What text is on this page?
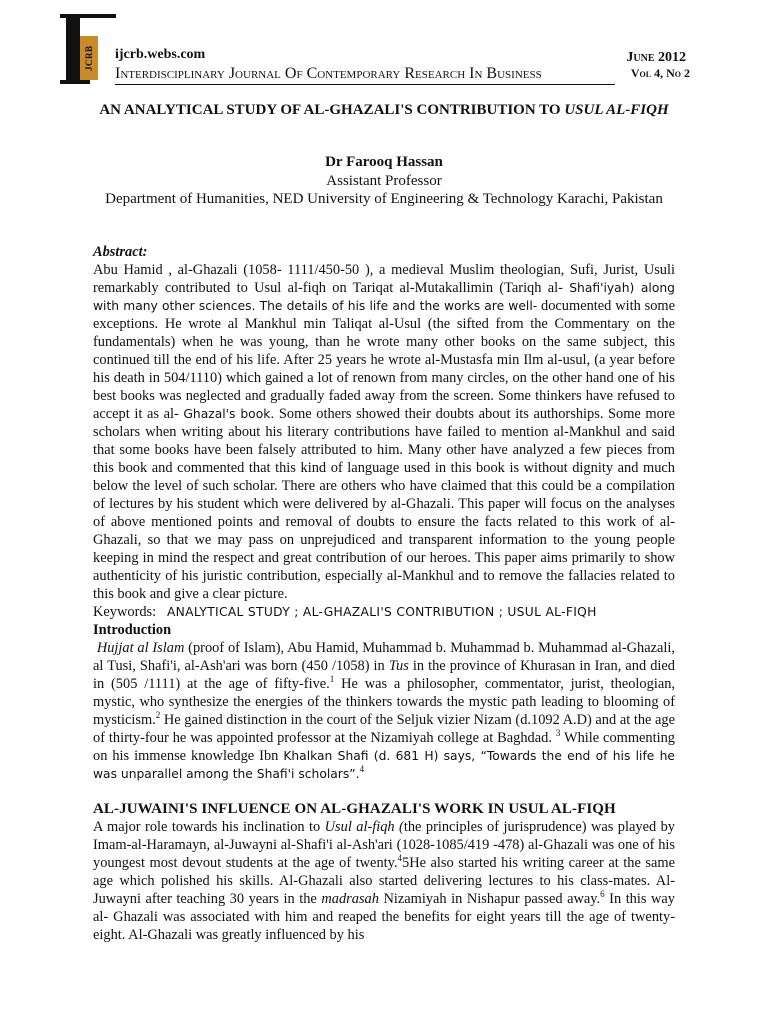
JCRB ijcrb.webs.com
Interdisciplinary Journal Of Contemporary Research In Business
June 2012
Vol 4, No 2
AN ANALYTICAL STUDY OF AL-GHAZALI'S CONTRIBUTION TO USUL AL-FIQH
Dr Farooq Hassan
Assistant Professor
Department of Humanities, NED University of Engineering & Technology Karachi, Pakistan

Abstract:

Abu Hamid , al-Ghazali (1058- 1111/450-50 ), a medieval Muslim theologian, Sufi, Jurist, Usuli remarkably contributed to Usul al-fiqh on Tariqat al-Mutakallimin (Tariqh al- Shafi'iyah) along with many other sciences. The details of his life and the works are well- documented with some exceptions. He wrote al Mankhul min Taliqat al-Usul (the sifted from the Commentary on the fundamentals) when he was young, than he wrote many other books on the same subject, this continued till the end of his life. After 25 years he wrote al-Mustasfa min Ilm al-usul, (a year before his death in 504/1110) which gained a lot of renown from many circles, on the other hand one of his best books was neglected and gradually faded away from the screen. Some thinkers have refused to accept it as al- Ghazal's book. Some others showed their doubts about its authorships. Some more scholars when writing about his literary contributions have failed to mention al-Mankhul and said that some books have been falsely attributed to him. Many other have analyzed a few pieces from this book and commented that this kind of language used in this book is without dignity and much below the level of such scholar. There are others who have claimed that this could be a compilation of lectures by his student which were delivered by al-Ghazali. This paper will focus on the analyses of above mentioned points and removal of doubts to ensure the facts related to this work of al-Ghazali, so that we may pass on unprejudiced and transparent information to the young people keeping in mind the respect and great contribution of our heroes. This paper aims primarily to show authenticity of his juristic contribution, especially al-Mankhul and to remove the fallacies related to this book and give a clear picture.

Keywords: ANALYTICAL STUDY ; AL-GHAZALI'S CONTRIBUTION ; USUL AL-FIQH

Introduction

Hujjat al Islam (proof of Islam), Abu Hamid, Muhammad b. Muhammad b. Muhammad al-Ghazali, al Tusi, Shafi'i, al-Ash'ari was born (450 /1058) in Tus in the province of Khurasan in Iran, and died in (505 /1111) at the age of fifty-five.$^1$ He was a philosopher, commentator, jurist, theologian, mystic, who synthesize the energies of the thinkers towards the mystic path leading to blooming of mysticism.$^2$ He gained distinction in the court of the Seljuk vizier Nizam (d.1092 A.D) and at the age of thirty-four he was appointed professor at the Nizamiyah college at Baghdad. $^3$ While commenting on his immense knowledge Ibn Khalkan Shafi (d. 681 H) says, “Towards the end of his life he was unparallel among the Shafi'i scholars”.$^4$

AL-JUWAINI'S INFLUENCE ON AL-GHAZALI'S WORK IN USUL AL-FIQH

A major role towards his inclination to Usul al-fiqh (the principles of jurisprudence) was played by Imam-al-Haramayn, al-Juwayni al-Shafi'i al-Ash'ari (1028-1085/419 -478) al-Ghazali was one of his youngest most devout students at the age of twenty.$^4$5He also started his writing career at the same age which polished his skills. Al-Ghazali also started delivering lectures to his class-mates. Al-Juwayni after teaching 30 years in the madrasah Nizamiyah in Nishapur passed away.$^6$ In this way al- Ghazali was associated with him and reaped the benefits for eight years till the age of twenty-eight. Al-Ghazali was greatly influenced by his
